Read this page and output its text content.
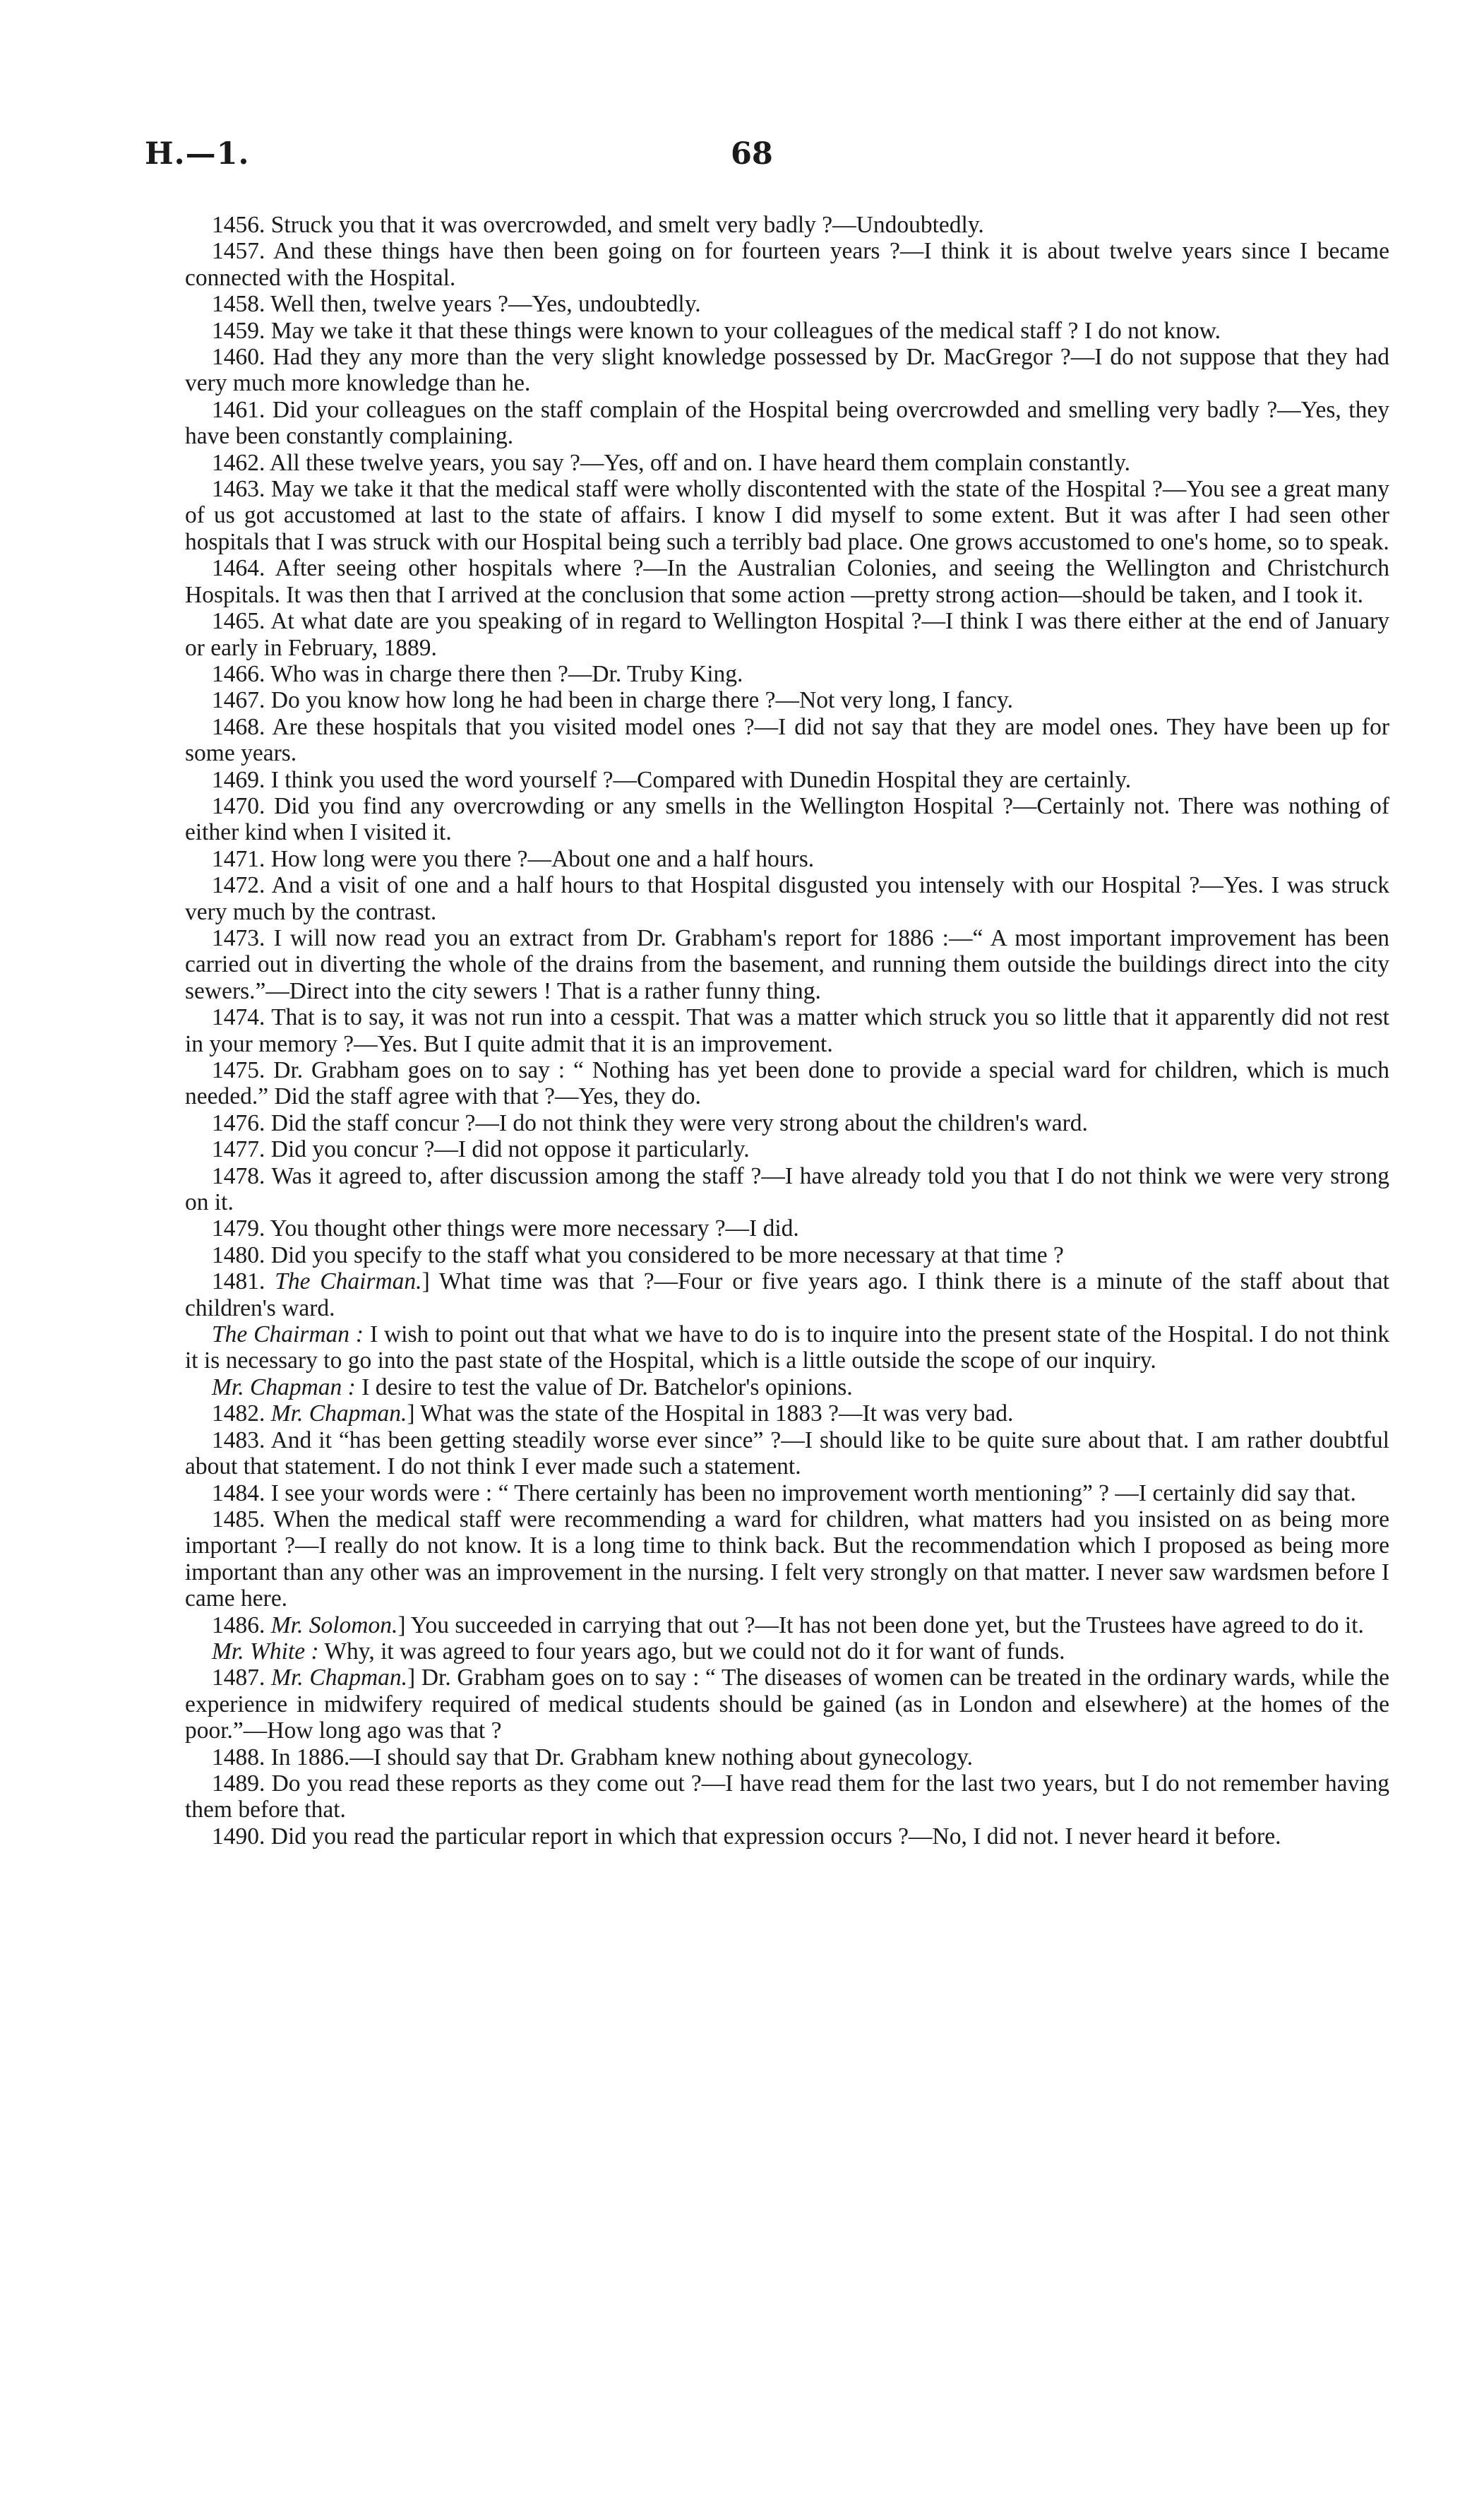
H.—1.	68

1456. Struck you that it was overcrowded, and smelt very badly ?—Undoubtedly.

1457. And these things have then been going on for fourteen years ?—I think it is about twelve years since I became connected with the Hospital.

1458. Well then, twelve years ?—Yes, undoubtedly.

1459. May we take it that these things were known to your colleagues of the medical staff ? I do not know.

1460. Had they any more than the very slight knowledge possessed by Dr. MacGregor ?—I do not suppose that they had very much more knowledge than he.

1461. Did your colleagues on the staff complain of the Hospital being overcrowded and smelling very badly ?—Yes, they have been constantly complaining.

1462. All these twelve years, you say ?—Yes, off and on. I have heard them complain constantly.

1463. May we take it that the medical staff were wholly discontented with the state of the Hospital ?—You see a great many of us got accustomed at last to the state of affairs. I know I did myself to some extent. But it was after I had seen other hospitals that I was struck with our Hospital being such a terribly bad place. One grows accustomed to one's home, so to speak.

1464. After seeing other hospitals where ?—In the Australian Colonies, and seeing the Wellington and Christchurch Hospitals. It was then that I arrived at the conclusion that some action —pretty strong action—should be taken, and I took it.

1465. At what date are you speaking of in regard to Wellington Hospital ?—I think I was there either at the end of January or early in February, 1889.

1466. Who was in charge there then ?—Dr. Truby King.

1467. Do you know how long he had been in charge there ?—Not very long, I fancy.

1468. Are these hospitals that you visited model ones ?—I did not say that they are model ones. They have been up for some years.

1469. I think you used the word yourself ?—Compared with Dunedin Hospital they are certainly.

1470. Did you find any overcrowding or any smells in the Wellington Hospital ?—Certainly not. There was nothing of either kind when I visited it.

1471. How long were you there ?—About one and a half hours.

1472. And a visit of one and a half hours to that Hospital disgusted you intensely with our Hospital ?—Yes. I was struck very much by the contrast.

1473. I will now read you an extract from Dr. Grabham's report for 1886 :—“ A most important improvement has been carried out in diverting the whole of the drains from the basement, and running them outside the buildings direct into the city sewers.”—Direct into the city sewers ! That is a rather funny thing.

1474. That is to say, it was not run into a cesspit. That was a matter which struck you so little that it apparently did not rest in your memory ?—Yes. But I quite admit that it is an improvement.

1475. Dr. Grabham goes on to say : “ Nothing has yet been done to provide a special ward for children, which is much needed.” Did the staff agree with that ?—Yes, they do.

1476. Did the staff concur ?—I do not think they were very strong about the children's ward.

1477. Did you concur ?—I did not oppose it particularly.

1478. Was it agreed to, after discussion among the staff ?—I have already told you that I do not think we were very strong on it.

1479. You thought other things were more necessary ?—I did.

1480. Did you specify to the staff what you considered to be more necessary at that time ?

1481. The Chairman.] What time was that ?—Four or five years ago. I think there is a minute of the staff about that children's ward.

The Chairman : I wish to point out that what we have to do is to inquire into the present state of the Hospital. I do not think it is necessary to go into the past state of the Hospital, which is a little outside the scope of our inquiry.

Mr. Chapman : I desire to test the value of Dr. Batchelor's opinions.

1482. Mr. Chapman.] What was the state of the Hospital in 1883 ?—It was very bad.

1483. And it “has been getting steadily worse ever since” ?—I should like to be quite sure about that. I am rather doubtful about that statement. I do not think I ever made such a statement.

1484. I see your words were : “ There certainly has been no improvement worth mentioning” ? —I certainly did say that.

1485. When the medical staff were recommending a ward for children, what matters had you insisted on as being more important ?—I really do not know. It is a long time to think back. But the recommendation which I proposed as being more important than any other was an improvement in the nursing. I felt very strongly on that matter. I never saw wardsmen before I came here.

1486. Mr. Solomon.] You succeeded in carrying that out ?—It has not been done yet, but the Trustees have agreed to do it.

Mr. White : Why, it was agreed to four years ago, but we could not do it for want of funds.

1487. Mr. Chapman.] Dr. Grabham goes on to say : “ The diseases of women can be treated in the ordinary wards, while the experience in midwifery required of medical students should be gained (as in London and elsewhere) at the homes of the poor.”—How long ago was that ?

1488. In 1886.—I should say that Dr. Grabham knew nothing about gynecology.

1489. Do you read these reports as they come out ?—I have read them for the last two years, but I do not remember having them before that.

1490. Did you read the particular report in which that expression occurs ?—No, I did not. I never heard it before.
